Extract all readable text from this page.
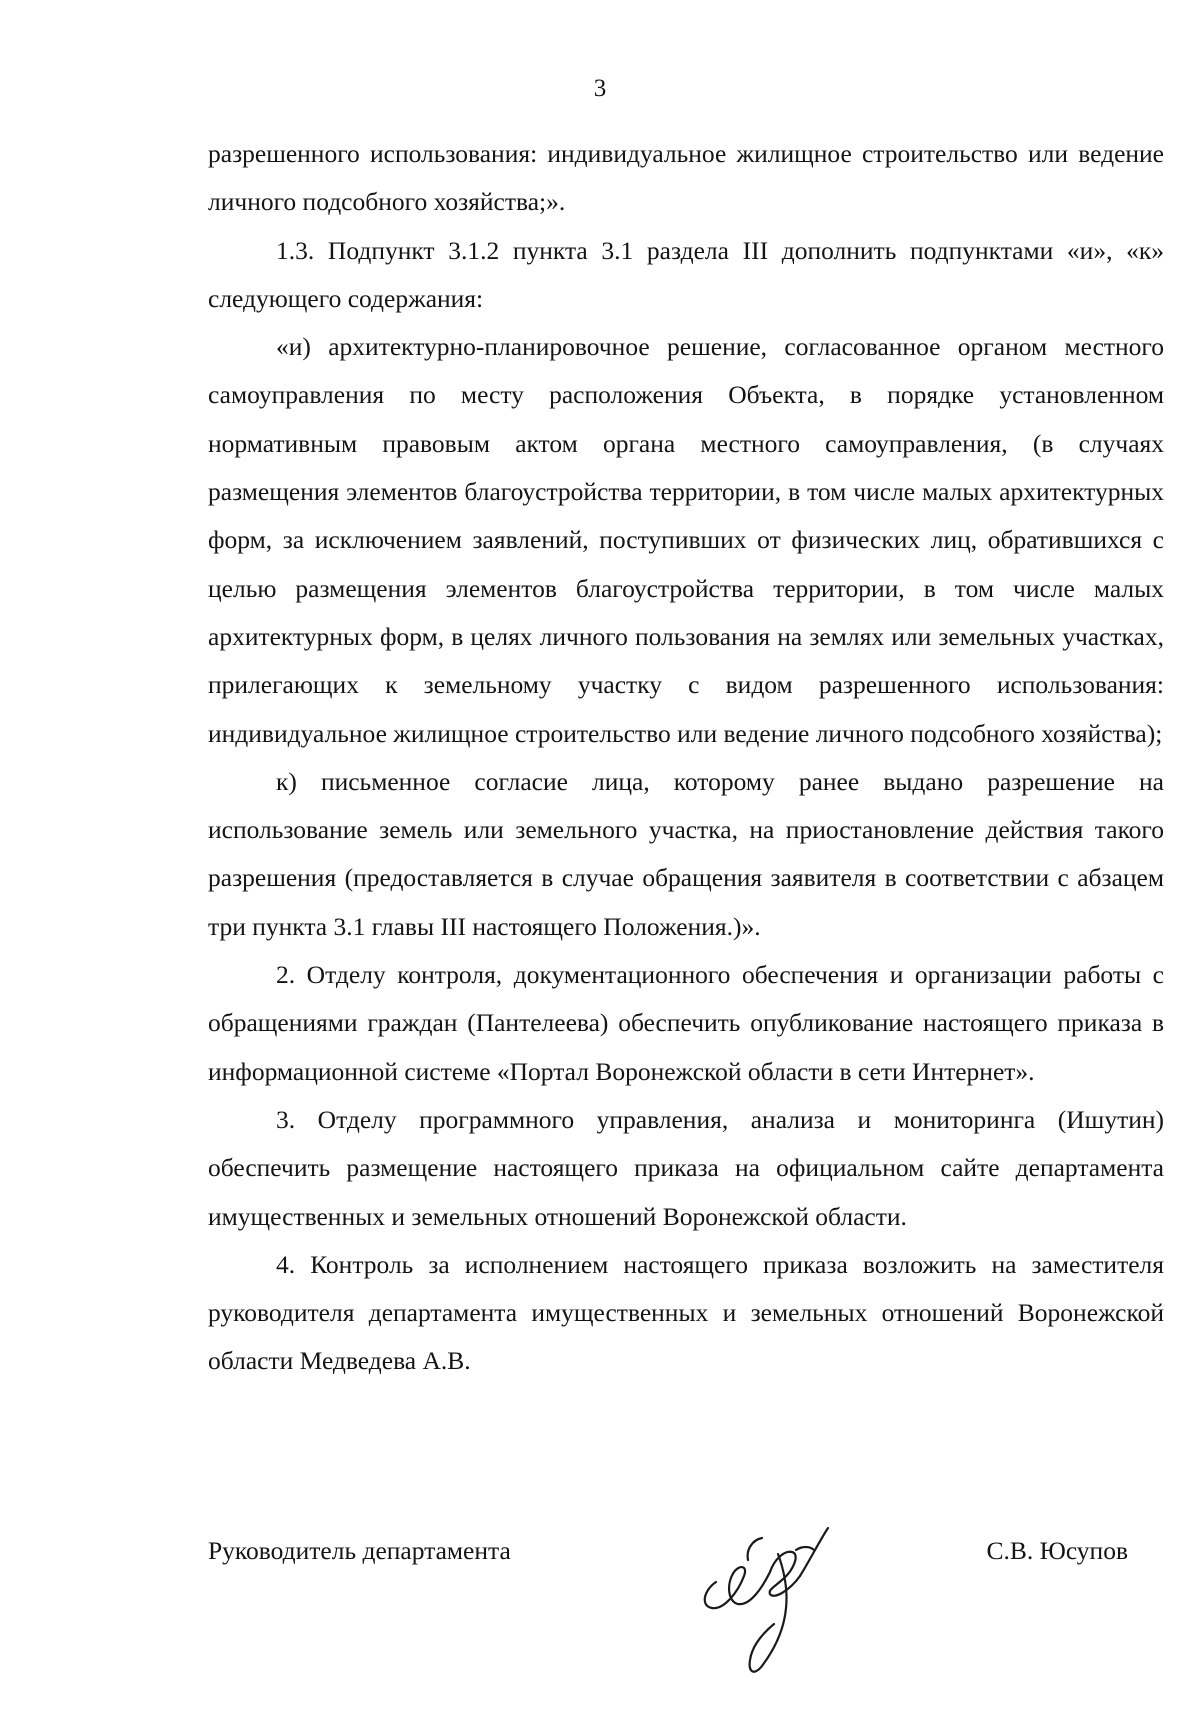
3

разрешенного использования: индивидуальное жилищное строительство или ведение личного подсобного хозяйства;».

1.3. Подпункт 3.1.2 пункта 3.1 раздела III дополнить подпунктами «и», «к» следующего содержания:

«и) архитектурно-планировочное решение, согласованное органом местного самоуправления по месту расположения Объекта, в порядке установленном нормативным правовым актом органа местного самоуправления, (в случаях размещения элементов благоустройства территории, в том числе малых архитектурных форм, за исключением заявлений, поступивших от физических лиц, обратившихся с целью размещения элементов благоустройства территории, в том числе малых архитектурных форм, в целях личного пользования на землях или земельных участках, прилегающих к земельному участку с видом разрешенного использования: индивидуальное жилищное строительство или ведение личного подсобного хозяйства);

к) письменное согласие лица, которому ранее выдано разрешение на использование земель или земельного участка, на приостановление действия такого разрешения (предоставляется в случае обращения заявителя в соответствии с абзацем три пункта 3.1 главы III настоящего Положения.)».

2. Отделу контроля, документационного обеспечения и организации работы с обращениями граждан (Пантелеева) обеспечить опубликование настоящего приказа в информационной системе «Портал Воронежской области в сети Интернет».

3. Отделу программного управления, анализа и мониторинга (Ишутин) обеспечить размещение настоящего приказа на официальном сайте департамента имущественных и земельных отношений Воронежской области.

4. Контроль за исполнением настоящего приказа возложить на заместителя руководителя департамента имущественных и земельных отношений Воронежской области Медведева А.В.

Руководитель департамента	С.В. Юсупов
